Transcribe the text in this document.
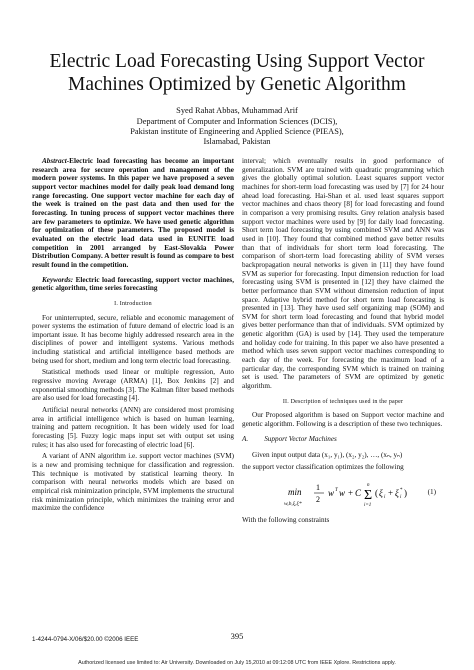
Electric Load Forecasting Using Support Vector
Machines Optimized by Genetic Algorithm
Syed Rahat Abbas, Muhammad Arif
Department of Computer and Information Sciences (DCIS),
Pakistan institute of Engineering and Applied Science (PIEAS),
Islamabad, Pakistan

Abstract-Electric load forecasting has become an important research area for secure operation and management of the modern power systems. In this paper we have proposed a seven support vector machines model for daily peak load demand long range forecasting. One support vector machine for each day of the week is trained on the past data and then used for the forecasting. In tuning process of support vector machines there are few parameters to optimize. We have used genetic algorithm for optimization of these parameters. The proposed model is evaluated on the electric load data used in EUNITE load competition in 2001 arranged by East-Slovakia Power Distribution Company. A better result is found as compare to best result found in the competition.

Keywords: Electric load forecasting, support vector machines, genetic algorithm, time series forecasting

I. Introduction

For uninterrupted, secure, reliable and economic management of power systems the estimation of future demand of electric load is an important issue. It has become highly addressed research area in the disciplines of power and intelligent systems. Various methods including statistical and artificial intelligence based methods are being used for short, medium and long term electric load forecasting.

Statistical methods used linear or multiple regression, Auto regressive moving Average (ARMA) [1], Box Jenkins [2] and exponential smoothing methods [3]. The Kalman filter based methods are also used for load forecasting [4].

Artificial neural networks (ANN) are considered most promising area in artificial intelligence which is based on human learning, training and pattern recognition. It has been widely used for load forecasting [5]. Fuzzy logic maps input set with output set using rules; it has also used for forecasting of electric load [6].

A variant of ANN algorithm i.e. support vector machines (SVM) is a new and promising technique for classification and regression. This technique is motivated by statistical learning theory. In comparison with neural networks models which are based on empirical risk minimization principle, SVM implements the structural risk minimization principle, which minimizes the training error and maximize the confidence

interval; which eventually results in good performance of generalization. SVM are trained with quadratic programming which gives the globally optimal solution. Least squares support vector machines for short-term load forecasting was used by [7] for 24 hour ahead load forecasting. Hai-Shan et al. used least squares support vector machines and chaos theory [8] for load forecasting and found in comparison a very promising results. Grey relation analysis based support vector machines were used by [9] for daily load forecasting. Short term load forecasting by using combined SVM and ANN was used in [10]. They found that combined method gave better results than that of individuals for short term load forecasting. The comparison of short-term load forecasting ability of SVM verses backpropagation neural networks is given in [11] they have found SVM as superior for forecasting. Input dimension reduction for load forecasting using SVM is presented in [12] they have claimed the better performance than SVM without dimension reduction of input space. Adaptive hybrid method for short term load forecasting is presented in [13]. They have used self organizing map (SOM) and SVM for short term load forecasting and found that hybrid model gives better performance than that of individuals. SVM optimized by genetic algorithm (GA) is used by [14]. They used the temperature and holiday code for training. In this paper we also have presented a method which uses seven support vector machines corresponding to each day of the week. For forecasting the maximum load of a particular day, the corresponding SVM which is trained on training set is used. The parameters of SVM are optimized by genetic algorithm.

II. Description of techniques used in the paper

Our Proposed algorithm is based on Support vector machine and genetic algorithm. Following is a description of these two techniques.

A. Support Vector Machines

Given input output data (x₁, y₁), (x₂, y₂), …, (xₙ, yₙ)

the support vector classification optimizes the following

min
w,b,ξ,ξ*
1
2
w T w + C Σ
n
i=1
( ξ i + ξ i
* )	(1)

With the following constraints

1-4244-0794-X/06/$20.00 ©2006 IEEE	395
Authorized licensed use limited to: Air University. Downloaded on July 15,2010 at 09:12:08 UTC from IEEE Xplore. Restrictions apply.
